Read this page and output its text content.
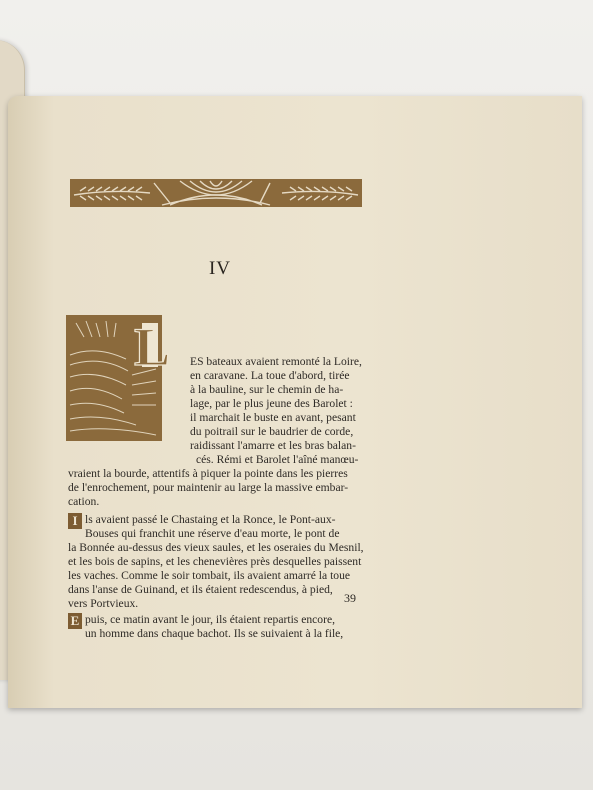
IV
L ES bateaux avaient remonté la Loire,
en caravane. La toue d'abord, tirée
à la bauline, sur le chemin de ha-
lage, par le plus jeune des Barolet :
il marchait le buste en avant, pesant
du poitrail sur le baudrier de corde,
raidissant l'amarre et les bras balan-
cés. Rémi et Barolet l'aîné manœu-
vraient la bourde, attentifs à piquer la pointe dans les pierres
de l'enrochement, pour maintenir au large la massive embar-
cation.
I ls avaient passé le Chastaing et la Ronce, le Pont-aux-
Bouses qui franchit une réserve d'eau morte, le pont de
la Bonnée au-dessus des vieux saules, et les oseraies du Mesnil,
et les bois de sapins, et les chenevières près desquelles paissent
les vaches. Comme le soir tombait, ils avaient amarré la toue
dans l'anse de Guinand, et ils étaient redescendus, à pied,
vers Portvieux.
E puis, ce matin avant le jour, ils étaient repartis encore,
un homme dans chaque bachot. Ils se suivaient à la file,
39
